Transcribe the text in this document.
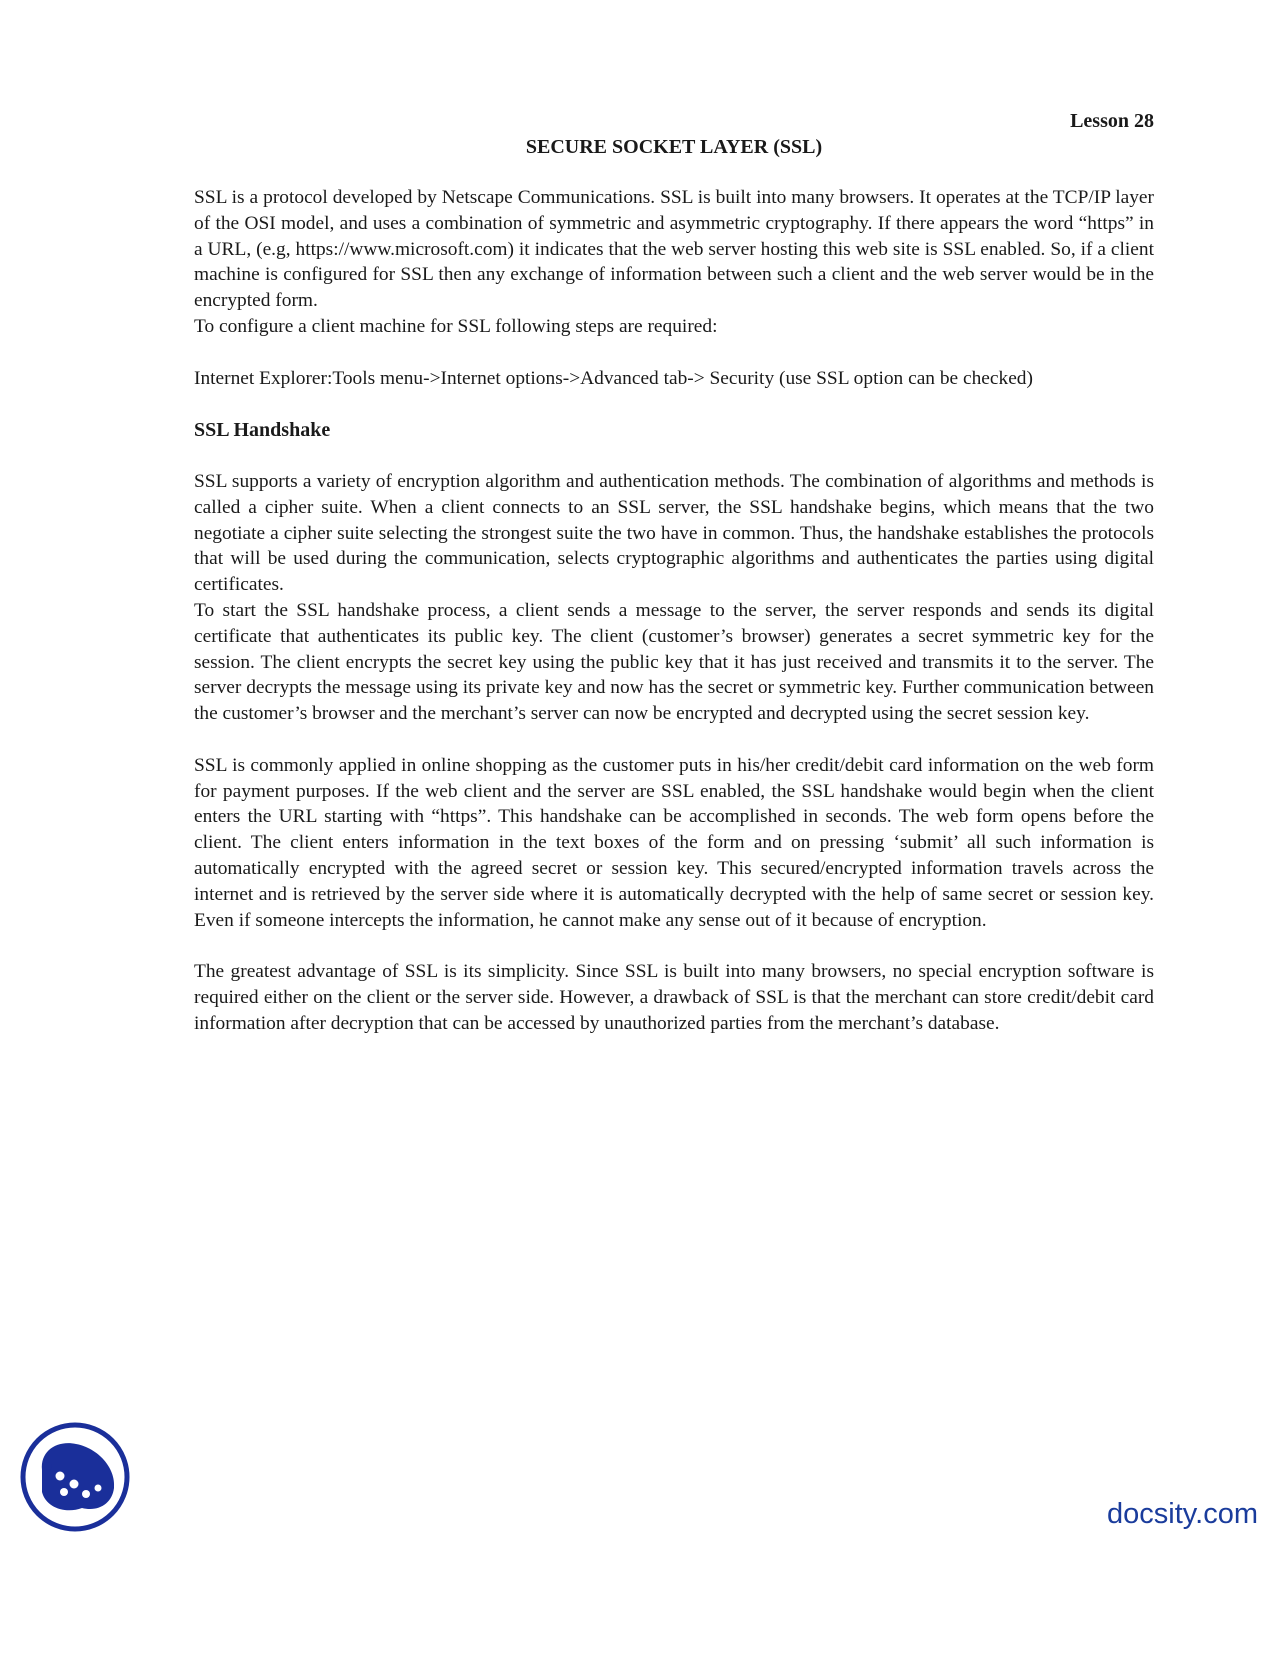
Lesson 28
SECURE SOCKET LAYER (SSL)

SSL is a protocol developed by Netscape Communications. SSL is built into many browsers. It operates at the TCP/IP layer of the OSI model, and uses a combination of symmetric and asymmetric cryptography. If there appears the word “https” in a URL, (e.g, https://www.microsoft.com) it indicates that the web server hosting this web site is SSL enabled. So, if a client machine is configured for SSL then any exchange of information between such a client and the web server would be in the encrypted form.

To configure a client machine for SSL following steps are required:

Internet Explorer:Tools menu->Internet options->Advanced tab-> Security (use SSL option can be checked)

SSL Handshake

SSL supports a variety of encryption algorithm and authentication methods. The combination of algorithms and methods is called a cipher suite. When a client connects to an SSL server, the SSL handshake begins, which means that the two negotiate a cipher suite selecting the strongest suite the two have in common. Thus, the handshake establishes the protocols that will be used during the communication, selects cryptographic algorithms and authenticates the parties using digital certificates.

To start the SSL handshake process, a client sends a message to the server, the server responds and sends its digital certificate that authenticates its public key. The client (customer’s browser) generates a secret symmetric key for the session. The client encrypts the secret key using the public key that it has just received and transmits it to the server. The server decrypts the message using its private key and now has the secret or symmetric key. Further communication between the customer’s browser and the merchant’s server can now be encrypted and decrypted using the secret session key.

SSL is commonly applied in online shopping as the customer puts in his/her credit/debit card information on the web form for payment purposes. If the web client and the server are SSL enabled, the SSL handshake would begin when the client enters the URL starting with “https”. This handshake can be accomplished in seconds. The web form opens before the client. The client enters information in the text boxes of the form and on pressing ‘submit’ all such information is automatically encrypted with the agreed secret or session key. This secured/encrypted information travels across the internet and is retrieved by the server side where it is automatically decrypted with the help of same secret or session key. Even if someone intercepts the information, he cannot make any sense out of it because of encryption.

The greatest advantage of SSL is its simplicity. Since SSL is built into many browsers, no special encryption software is required either on the client or the server side. However, a drawback of SSL is that the merchant can store credit/debit card information after decryption that can be accessed by unauthorized parties from the merchant’s database.

docsity.com
